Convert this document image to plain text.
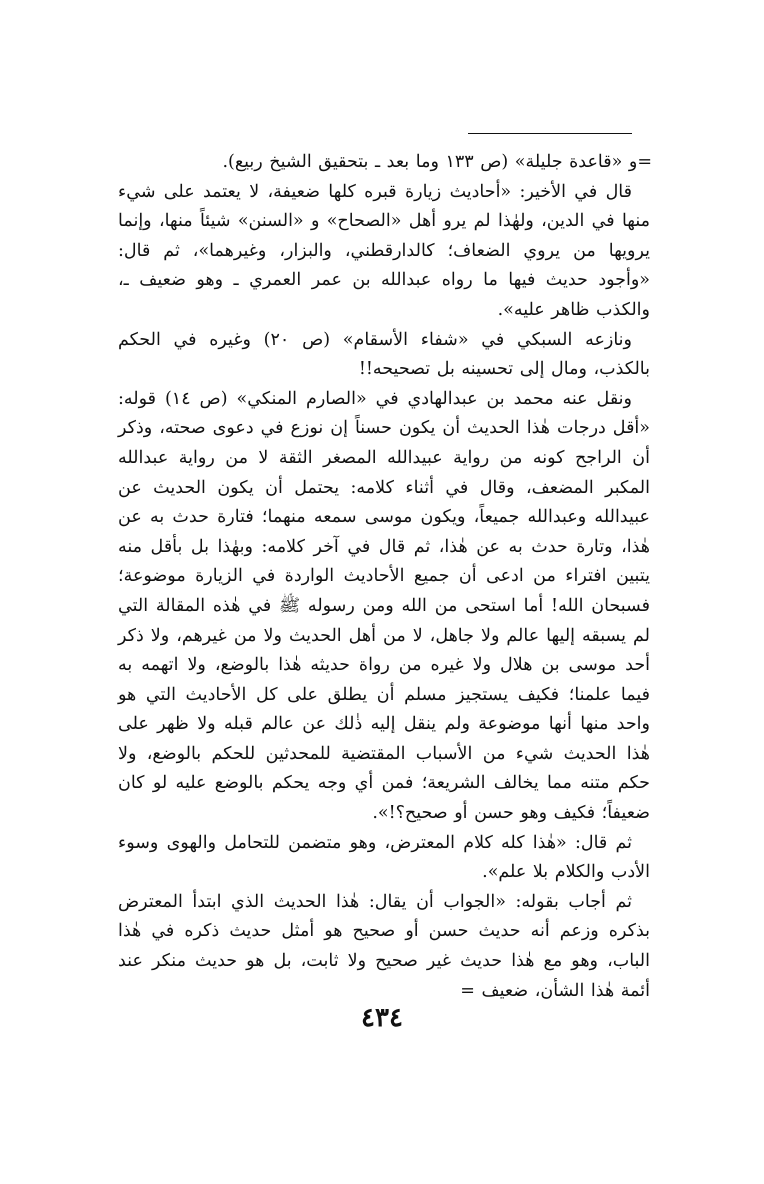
=و «قاعدة جليلة» (ص ١٣٣ وما بعد ـ بتحقيق الشيخ ربيع).

قال في الأخير: «أحاديث زيارة قبره كلها ضعيفة، لا يعتمد على شيء منها في الدين، ولهٰذا لم يرو أهل «الصحاح» و «السنن» شيئاً منها، وإنما يرويها من يروي الضعاف؛ كالدارقطني، والبزار، وغيرهما»، ثم قال: «وأجود حديث فيها ما رواه عبدالله بن عمر العمري ـ وهو ضعيف ـ، والكذب ظاهر عليه».

ونازعه السبكي في «شفاء الأسقام» (ص ٢٠) وغيره في الحكم بالكذب، ومال إلى تحسينه بل تصحيحه!!

ونقل عنه محمد بن عبدالهادي في «الصارم المنكي» (ص ١٤) قوله: «أقل درجات هٰذا الحديث أن يكون حسناً إن نوزع في دعوى صحته، وذكر أن الراجح كونه من رواية عبيدالله المصغر الثقة لا من رواية عبدالله المكبر المضعف، وقال في أثناء كلامه: يحتمل أن يكون الحديث عن عبيدالله وعبدالله جميعاً، ويكون موسى سمعه منهما؛ فتارة حدث به عن هٰذا، وتارة حدث به عن هٰذا، ثم قال في آخر كلامه: وبهٰذا بل بأقل منه يتبين افتراء من ادعى أن جميع الأحاديث الواردة في الزيارة موضوعة؛ فسبحان الله! أما استحى من الله ومن رسوله ﷺ في هٰذه المقالة التي لم يسبقه إليها عالم ولا جاهل، لا من أهل الحديث ولا من غيرهم، ولا ذكر أحد موسى بن هلال ولا غيره من رواة حديثه هٰذا بالوضع، ولا اتهمه به فيما علمنا؛ فكيف يستجيز مسلم أن يطلق على كل الأحاديث التي هو واحد منها أنها موضوعة ولم ينقل إليه ذٰلك عن عالم قبله ولا ظهر على هٰذا الحديث شيء من الأسباب المقتضية للمحدثين للحكم بالوضع، ولا حكم متنه مما يخالف الشريعة؛ فمن أي وجه يحكم بالوضع عليه لو كان ضعيفاً؛ فكيف وهو حسن أو صحيح؟!».

ثم قال: «هٰذا كله كلام المعترض، وهو متضمن للتحامل والهوى وسوء الأدب والكلام بلا علم».

ثم أجاب بقوله: «الجواب أن يقال: هٰذا الحديث الذي ابتدأ المعترض بذكره وزعم أنه حديث حسن أو صحيح هو أمثل حديث ذكره في هٰذا الباب، وهو مع هٰذا حديث غير صحيح ولا ثابت، بل هو حديث منكر عند أئمة هٰذا الشأن، ضعيف =

٤٣٤
